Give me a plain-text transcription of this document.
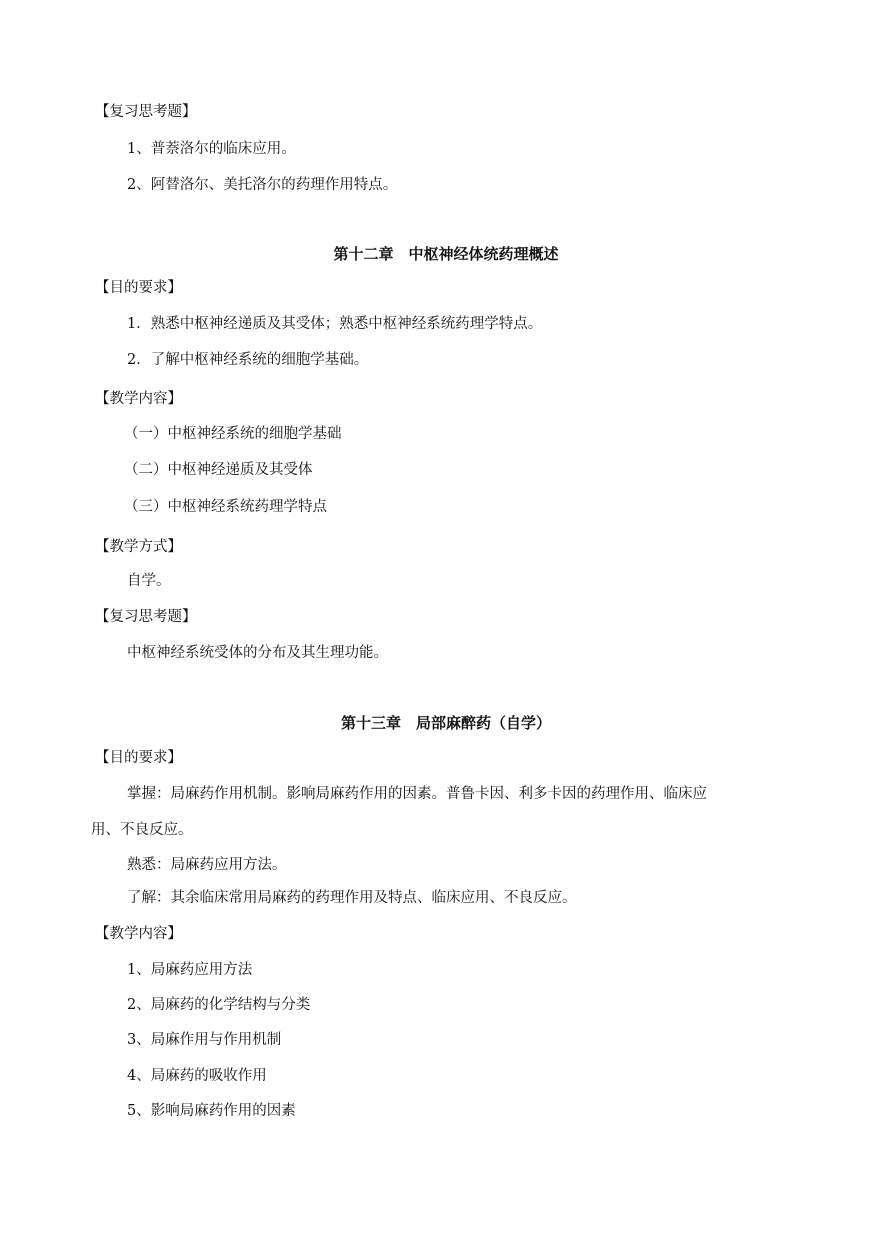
【复习思考题】
1、普萘洛尔的临床应用。
2、阿替洛尔、美托洛尔的药理作用特点。
第十二章　中枢神经体统药理概述
【目的要求】
1．熟悉中枢神经递质及其受体；熟悉中枢神经系统药理学特点。
2．了解中枢神经系统的细胞学基础。
【教学内容】
（一）中枢神经系统的细胞学基础
（二）中枢神经递质及其受体
（三）中枢神经系统药理学特点
【教学方式】
自学。
【复习思考题】
中枢神经系统受体的分布及其生理功能。
第十三章　局部麻醉药（自学）
【目的要求】
掌握：局麻药作用机制。影响局麻药作用的因素。普鲁卡因、利多卡因的药理作用、临床应
用、不良反应。
熟悉：局麻药应用方法。
了解：其余临床常用局麻药的药理作用及特点、临床应用、不良反应。
【教学内容】
1、局麻药应用方法
2、局麻药的化学结构与分类
3、局麻作用与作用机制
4、局麻药的吸收作用
5、影响局麻药作用的因素
